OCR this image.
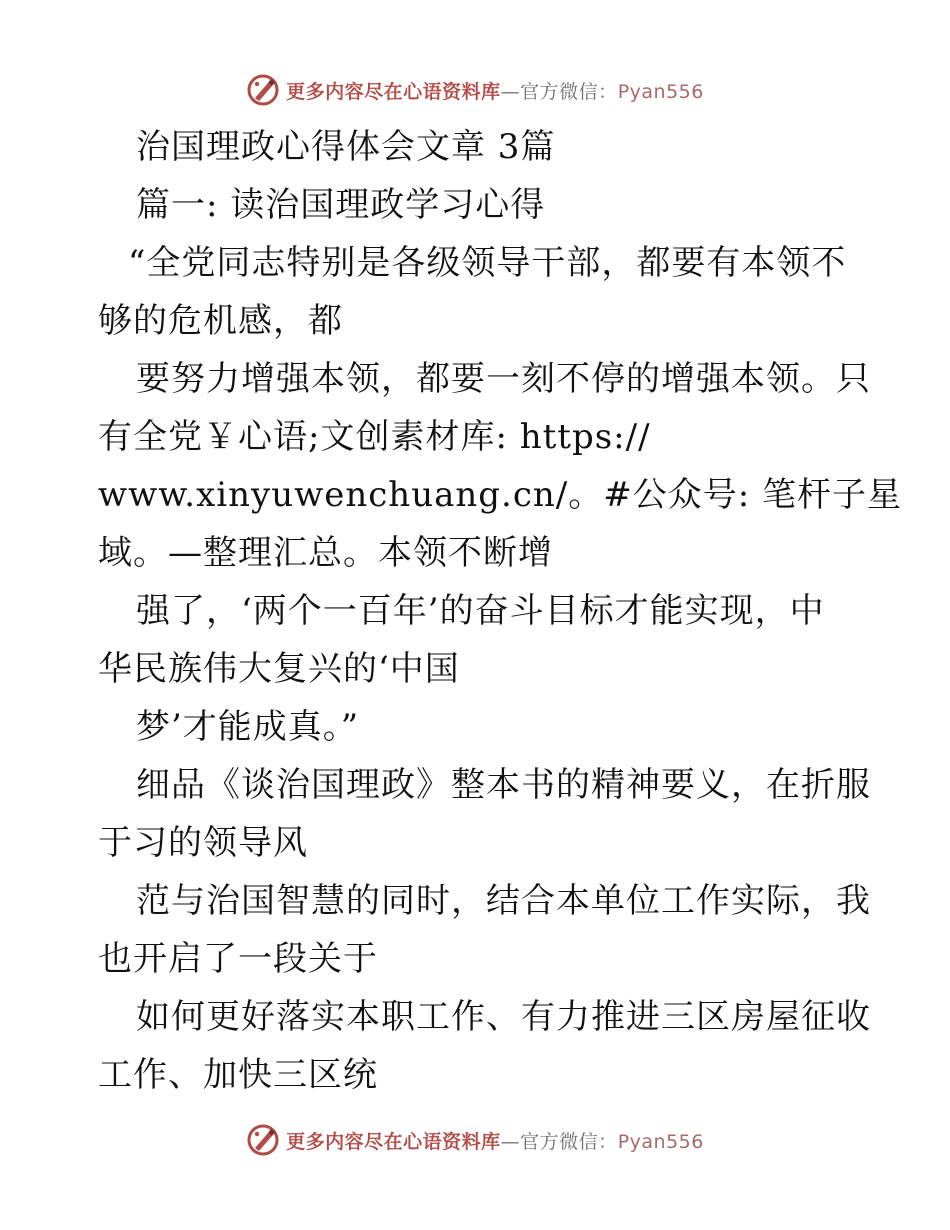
更多内容尽在心语资料库—官方微信：Pyan556
治国理政心得体会文章 3篇
篇一: 读治国理政学习心得
“全党同志特别是各级领导干部，都要有本领不
够的危机感，都
要努力增强本领，都要一刻不停的增强本领。只
有全党￥心语;文创素材库: https://
www.xinyuwenchuang.cn/。#公众号: 笔杆子星
域。—整理汇总。本领不断增
强了，‘两个一百年’的奋斗目标才能实现，中
华民族伟大复兴的‘中国
梦’才能成真。”
细品《谈治国理政》整本书的精神要义，在折服
于习的领导风
范与治国智慧的同时，结合本单位工作实际，我
也开启了一段关于
如何更好落实本职工作、有力推进三区房屋征收
工作、加快三区统
更多内容尽在心语资料库—官方微信：Pyan556
